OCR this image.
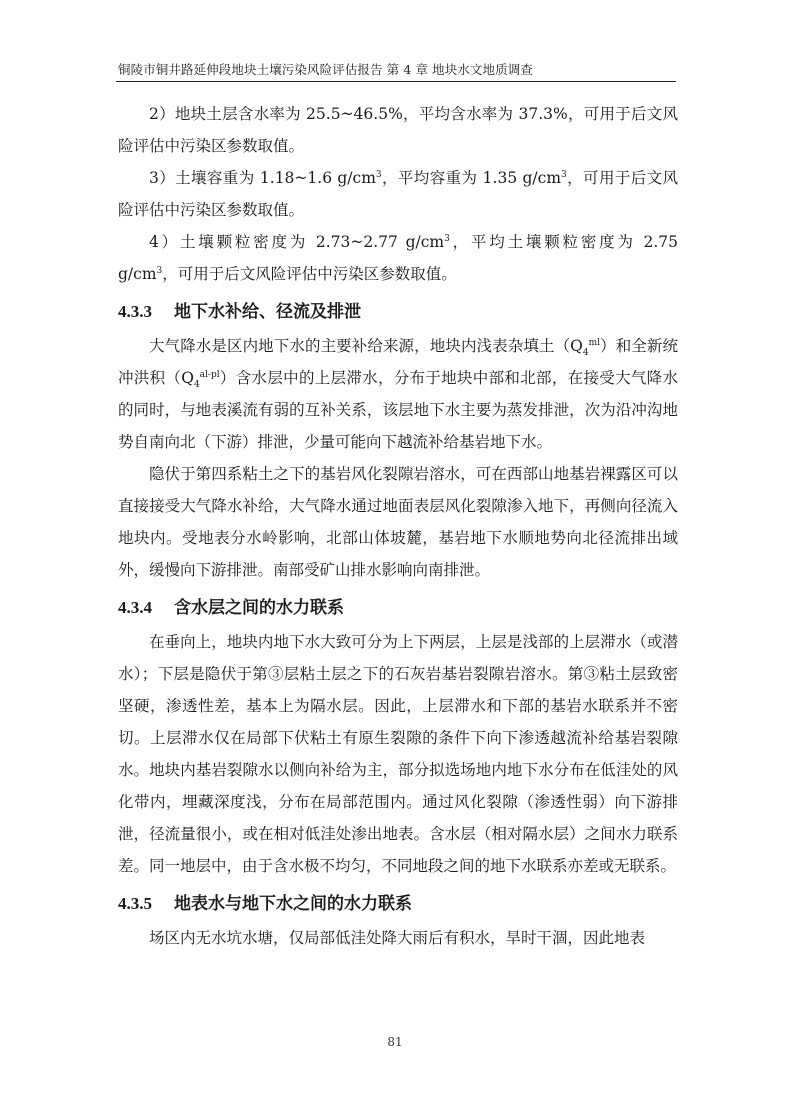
铜陵市铜井路延伸段地块土壤污染风险评估报告 第 4 章 地块水文地质调查

2）地块土层含水率为 25.5~46.5%，平均含水率为 37.3%，可用于后文风险评估中污染区参数取值。

3）土壤容重为 1.18~1.6 $g/cm^3$，平均容重为 1.35 $g/cm^3$，可用于后文风险评估中污染区参数取值。

4）土壤颗粒密度为 2.73~2.77 $g/cm^3$，平均土壤颗粒密度为 2.75 $g/cm^3$，可用于后文风险评估中污染区参数取值。

4.3.3 地下水补给、径流及排泄

大气降水是区内地下水的主要补给来源，地块内浅表杂填土$(Q_4^{ml})$和全新统冲洪积$(Q_4^{al-pl})$含水层中的上层滞水，分布于地块中部和北部，在接受大气降水的同时，与地表溪流有弱的互补关系，该层地下水主要为蒸发排泄，次为沿冲沟地势自南向北（下游）排泄，少量可能向下越流补给基岩地下水。

隐伏于第四系粘土之下的基岩风化裂隙岩溶水，可在西部山地基岩裸露区可以直接接受大气降水补给，大气降水通过地面表层风化裂隙渗入地下，再侧向径流入地块内。受地表分水岭影响，北部山体坡麓，基岩地下水顺地势向北径流排出域外，缓慢向下游排泄。南部受矿山排水影响向南排泄。

4.3.4 含水层之间的水力联系

在垂向上，地块内地下水大致可分为上下两层，上层是浅部的上层滞水（或潜水）；下层是隐伏于第③层粘土层之下的石灰岩基岩裂隙岩溶水。第③粘土层致密坚硬，渗透性差，基本上为隔水层。因此，上层滞水和下部的基岩水联系并不密切。上层滞水仅在局部下伏粘土有原生裂隙的条件下向下渗透越流补给基岩裂隙水。地块内基岩裂隙水以侧向补给为主，部分拟选场地内地下水分布在低洼处的风化带内，埋藏深度浅，分布在局部范围内。通过风化裂隙（渗透性弱）向下游排泄，径流量很小，或在相对低洼处渗出地表。含水层（相对隔水层）之间水力联系差。同一地层中，由于含水极不均匀，不同地段之间的地下水联系亦差或无联系。

4.3.5 地表水与地下水之间的水力联系

场区内无水坑水塘，仅局部低洼处降大雨后有积水，旱时干涸，因此地表

81
